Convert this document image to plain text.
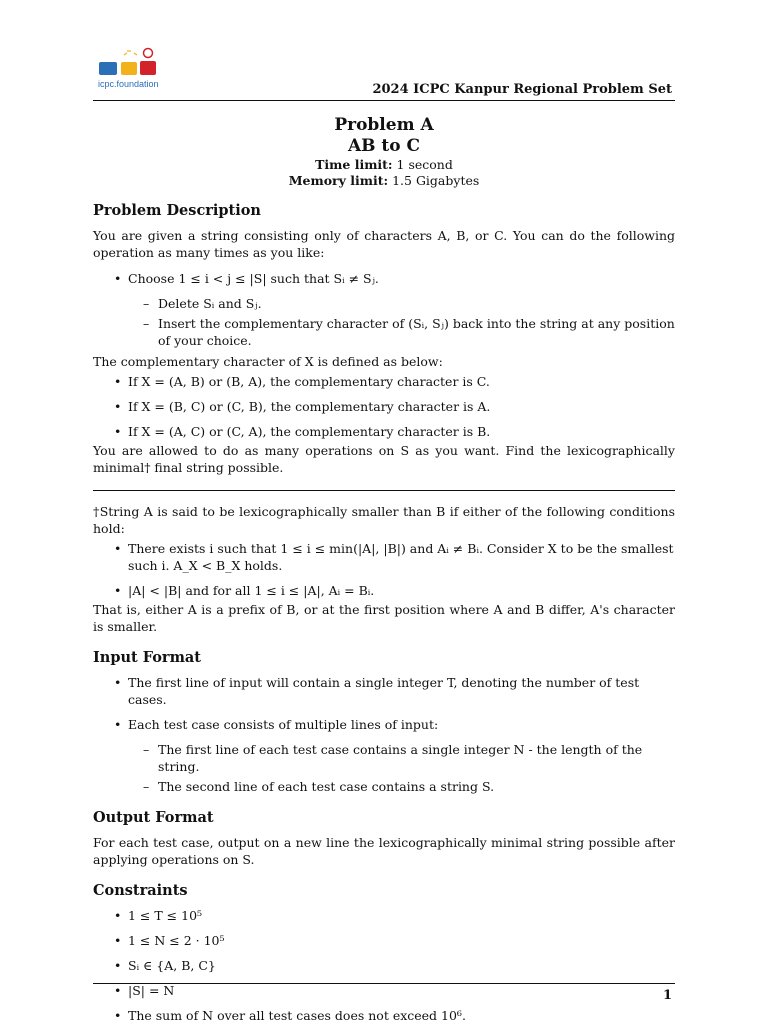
icpc.foundation	2024 ICPC Kanpur Regional Problem Set
Problem A
AB to C
Time limit: 1 second
Memory limit: 1.5 Gigabytes
Problem Description

You are given a string consisting only of characters A, B, or C. You can do the following operation as many times as you like:

• Choose 1 ≤ i < j ≤ |S| such that Sᵢ ≠ Sⱼ.
– Delete Sᵢ and Sⱼ.
– Insert the complementary character of (Sᵢ, Sⱼ) back into the string at any position of your choice.

The complementary character of X is defined as below:

• If X = (A, B) or (B, A), the complementary character is C.
• If X = (B, C) or (C, B), the complementary character is A.
• If X = (A, C) or (C, A), the complementary character is B.

You are allowed to do as many operations on S as you want. Find the lexicographically minimal† final string possible.

†String A is said to be lexicographically smaller than B if either of the following conditions hold:

• There exists i such that 1 ≤ i ≤ min(|A|, |B|) and Aᵢ ≠ Bᵢ. Consider X to be the smallest such i. A_X < B_X holds.
• |A| < |B| and for all 1 ≤ i ≤ |A|, Aᵢ = Bᵢ.

That is, either A is a prefix of B, or at the first position where A and B differ, A's character is smaller.

Input Format
• The first line of input will contain a single integer T, denoting the number of test cases.
• Each test case consists of multiple lines of input:
– The first line of each test case contains a single integer N - the length of the string.
– The second line of each test case contains a string S.
Output Format

For each test case, output on a new line the lexicographically minimal string possible after applying operations on S.

Constraints
• 1 ≤ T ≤ 10⁵
• 1 ≤ N ≤ 2 · 10⁵
• Sᵢ ∈ {A, B, C}
• |S| = N
• The sum of N over all test cases does not exceed 10⁶.
1
